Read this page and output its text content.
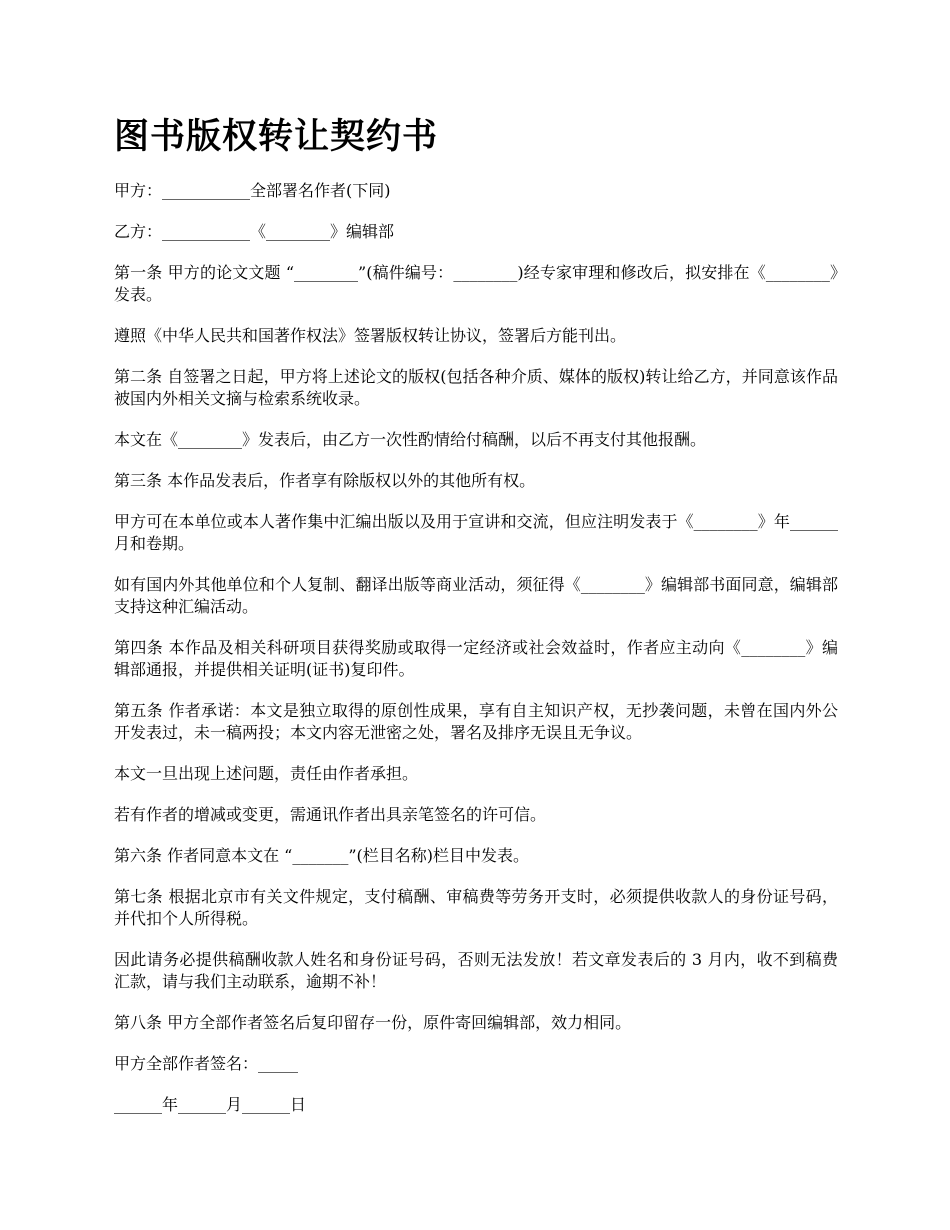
图书版权转让契约书

甲方：___________全部署名作者(下同)

乙方：___________《________》编辑部

第一条 甲方的论文文题 “________”(稿件编号：________)经专家审理和修改后，拟安排在《________》发表。

遵照《中华人民共和国著作权法》签署版权转让协议，签署后方能刊出。

第二条 自签署之日起，甲方将上述论文的版权(包括各种介质、媒体的版权)转让给乙方，并同意该作品被国内外相关文摘与检索系统收录。

本文在《________》发表后，由乙方一次性酌情给付稿酬，以后不再支付其他报酬。

第三条 本作品发表后，作者享有除版权以外的其他所有权。

甲方可在本单位或本人著作集中汇编出版以及用于宣讲和交流，但应注明发表于《________》年______月和卷期。

如有国内外其他单位和个人复制、翻译出版等商业活动，须征得《________》编辑部书面同意，编辑部支持这种汇编活动。

第四条 本作品及相关科研项目获得奖励或取得一定经济或社会效益时，作者应主动向《________》编辑部通报，并提供相关证明(证书)复印件。

第五条 作者承诺：本文是独立取得的原创性成果，享有自主知识产权，无抄袭问题，未曾在国内外公开发表过，未一稿两投；本文内容无泄密之处，署名及排序无误且无争议。

本文一旦出现上述问题，责任由作者承担。

若有作者的增减或变更，需通讯作者出具亲笔签名的许可信。

第六条 作者同意本文在 “_______”(栏目名称)栏目中发表。

第七条 根据北京市有关文件规定，支付稿酬、审稿费等劳务开支时，必须提供收款人的身份证号码，并代扣个人所得税。

因此请务必提供稿酬收款人姓名和身份证号码，否则无法发放！若文章发表后的 3 月内，收不到稿费汇款，请与我们主动联系，逾期不补！

第八条 甲方全部作者签名后复印留存一份，原件寄回编辑部，效力相同。

甲方全部作者签名：_____

______年______月______日
